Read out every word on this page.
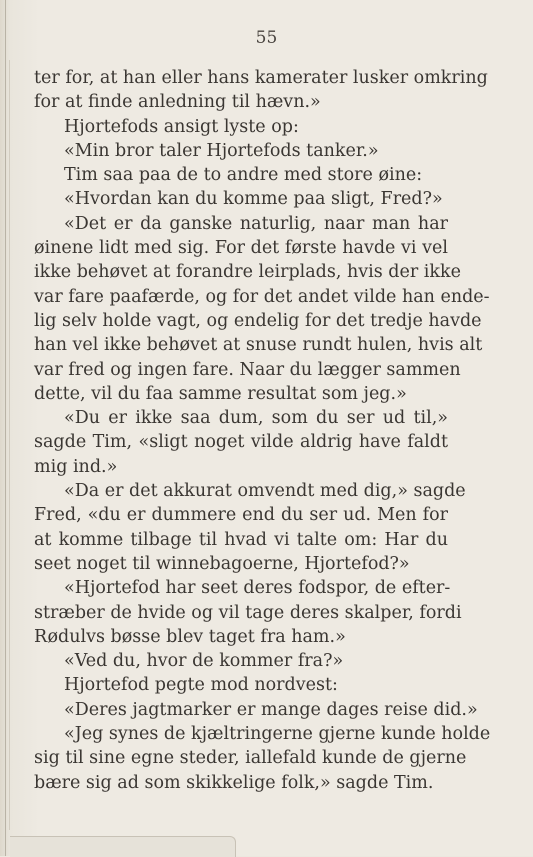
55
ter for, at han eller hans kamerater lusker omkring
for at finde anledning til hævn.»
Hjortefods ansigt lyste op:
«Min bror taler Hjortefods tanker.»
Tim saa paa de to andre med store øine:
«Hvordan kan du komme paa sligt, Fred?»
«Det er da ganske naturlig, naar man har
øinene lidt med sig. For det første havde vi vel
ikke behøvet at forandre leirplads, hvis der ikke
var fare paafærde, og for det andet vilde han ende-
lig selv holde vagt, og endelig for det tredje havde
han vel ikke behøvet at snuse rundt hulen, hvis alt
var fred og ingen fare. Naar du lægger sammen
dette, vil du faa samme resultat som jeg.»
«Du er ikke saa dum, som du ser ud til,»
sagde Tim, «sligt noget vilde aldrig have faldt
mig ind.»
«Da er det akkurat omvendt med dig,» sagde
Fred, «du er dummere end du ser ud. Men for
at komme tilbage til hvad vi talte om: Har du
seet noget til winnebagoerne, Hjortefod?»
«Hjortefod har seet deres fodspor, de efter-
stræber de hvide og vil tage deres skalper, fordi
Rødulvs bøsse blev taget fra ham.»
«Ved du, hvor de kommer fra?»
Hjortefod pegte mod nordvest:
«Deres jagtmarker er mange dages reise did.»
«Jeg synes de kjæltringerne gjerne kunde holde
sig til sine egne steder, iallefald kunde de gjerne
bære sig ad som skikkelige folk,» sagde Tim.
